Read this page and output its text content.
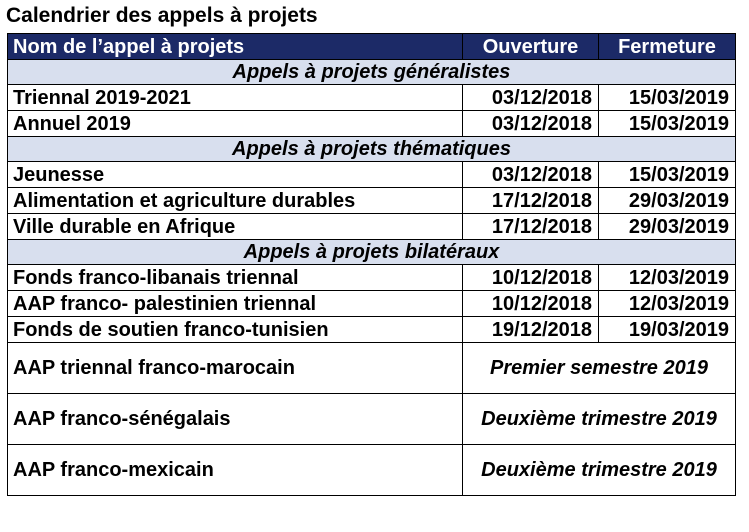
Calendrier des appels à projets
Nom de l’appel à projets	Ouverture	Fermeture
Appels à projets généralistes		
Triennal 2019-2021	03/12/2018	15/03/2019
Annuel 2019	03/12/2018	15/03/2019
Appels à projets thématiques		
Jeunesse	03/12/2018	15/03/2019
Alimentation et agriculture durables	17/12/2018	29/03/2019
Ville durable en Afrique	17/12/2018	29/03/2019
Appels à projets bilatéraux		
Fonds franco-libanais triennal	10/12/2018	12/03/2019
AAP franco- palestinien triennal	10/12/2018	12/03/2019
Fonds de soutien franco-tunisien	19/12/2018	19/03/2019
AAP triennal franco-marocain	Premier semestre 2019	
AAP franco-sénégalais	Deuxième trimestre 2019	
AAP franco-mexicain	Deuxième trimestre 2019	
